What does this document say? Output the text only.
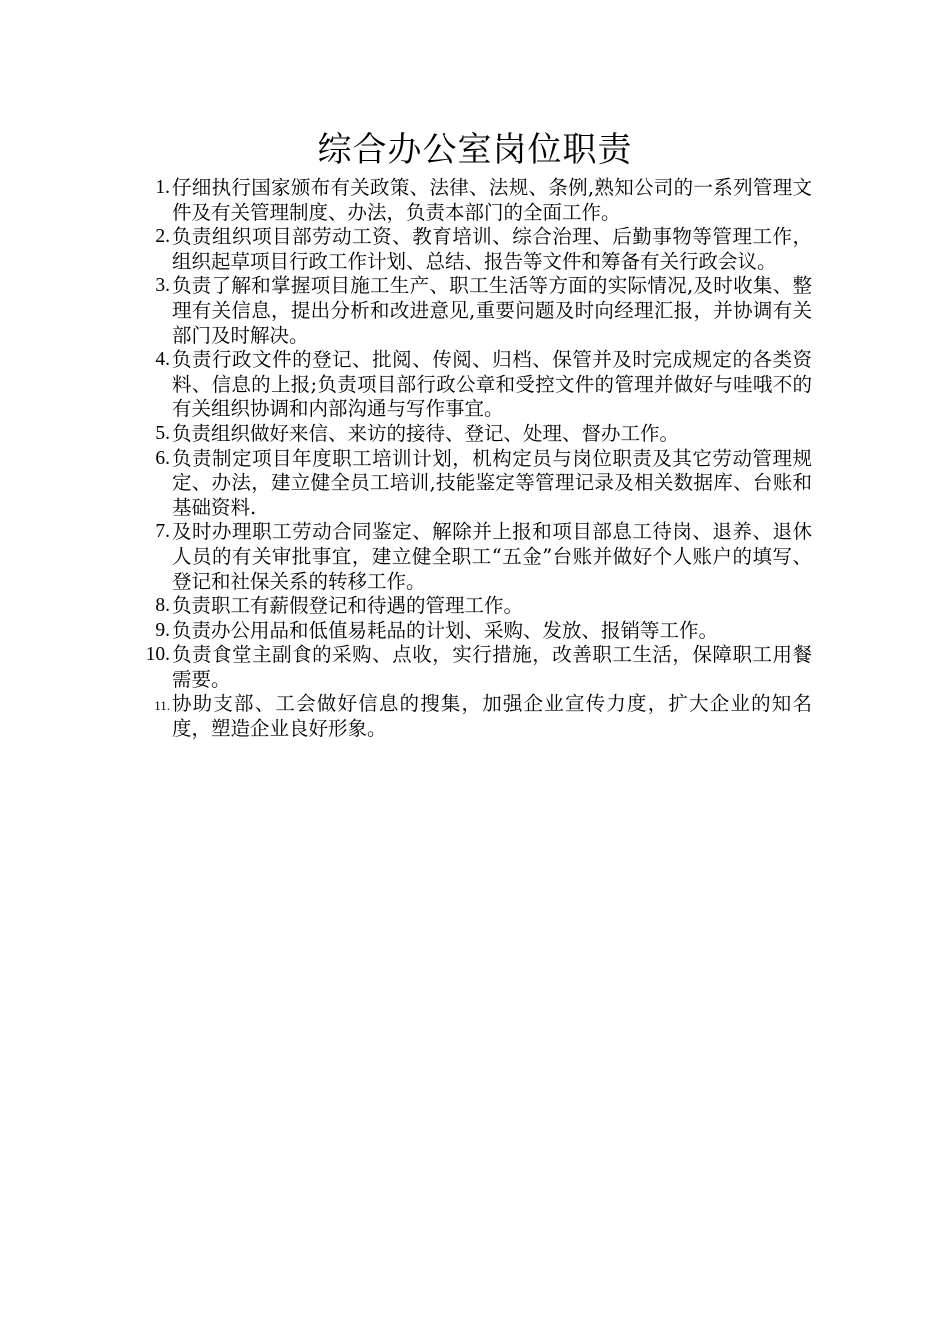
综合办公室岗位职责
1. 仔细执行国家颁布有关政策、法律、法规、条例,熟知公司的一系列管理文件及有关管理制度、办法，负责本部门的全面工作。
2. 负责组织项目部劳动工资、教育培训、综合治理、后勤事物等管理工作，组织起草项目行政工作计划、总结、报告等文件和筹备有关行政会议。
3. 负责了解和掌握项目施工生产、职工生活等方面的实际情况,及时收集、整理有关信息，提出分析和改进意见,重要问题及时向经理汇报，并协调有关部门及时解决。
4. 负责行政文件的登记、批阅、传阅、归档、保管并及时完成规定的各类资料、信息的上报;负责项目部行政公章和受控文件的管理并做好与哇哦不的有关组织协调和内部沟通与写作事宜。
5. 负责组织做好来信、来访的接待、登记、处理、督办工作。
6. 负责制定项目年度职工培训计划，机构定员与岗位职责及其它劳动管理规定、办法，建立健全员工培训,技能鉴定等管理记录及相关数据库、台账和基础资料.
7. 及时办理职工劳动合同鉴定、解除并上报和项目部息工待岗、退养、退休人员的有关审批事宜，建立健全职工“五金”台账并做好个人账户的填写、登记和社保关系的转移工作。
8. 负责职工有薪假登记和待遇的管理工作。
9. 负责办公用品和低值易耗品的计划、采购、发放、报销等工作。
10. 负责食堂主副食的采购、点收，实行措施，改善职工生活，保障职工用餐需要。
11. 协助支部、工会做好信息的搜集，加强企业宣传力度，扩大企业的知名度，塑造企业良好形象。
